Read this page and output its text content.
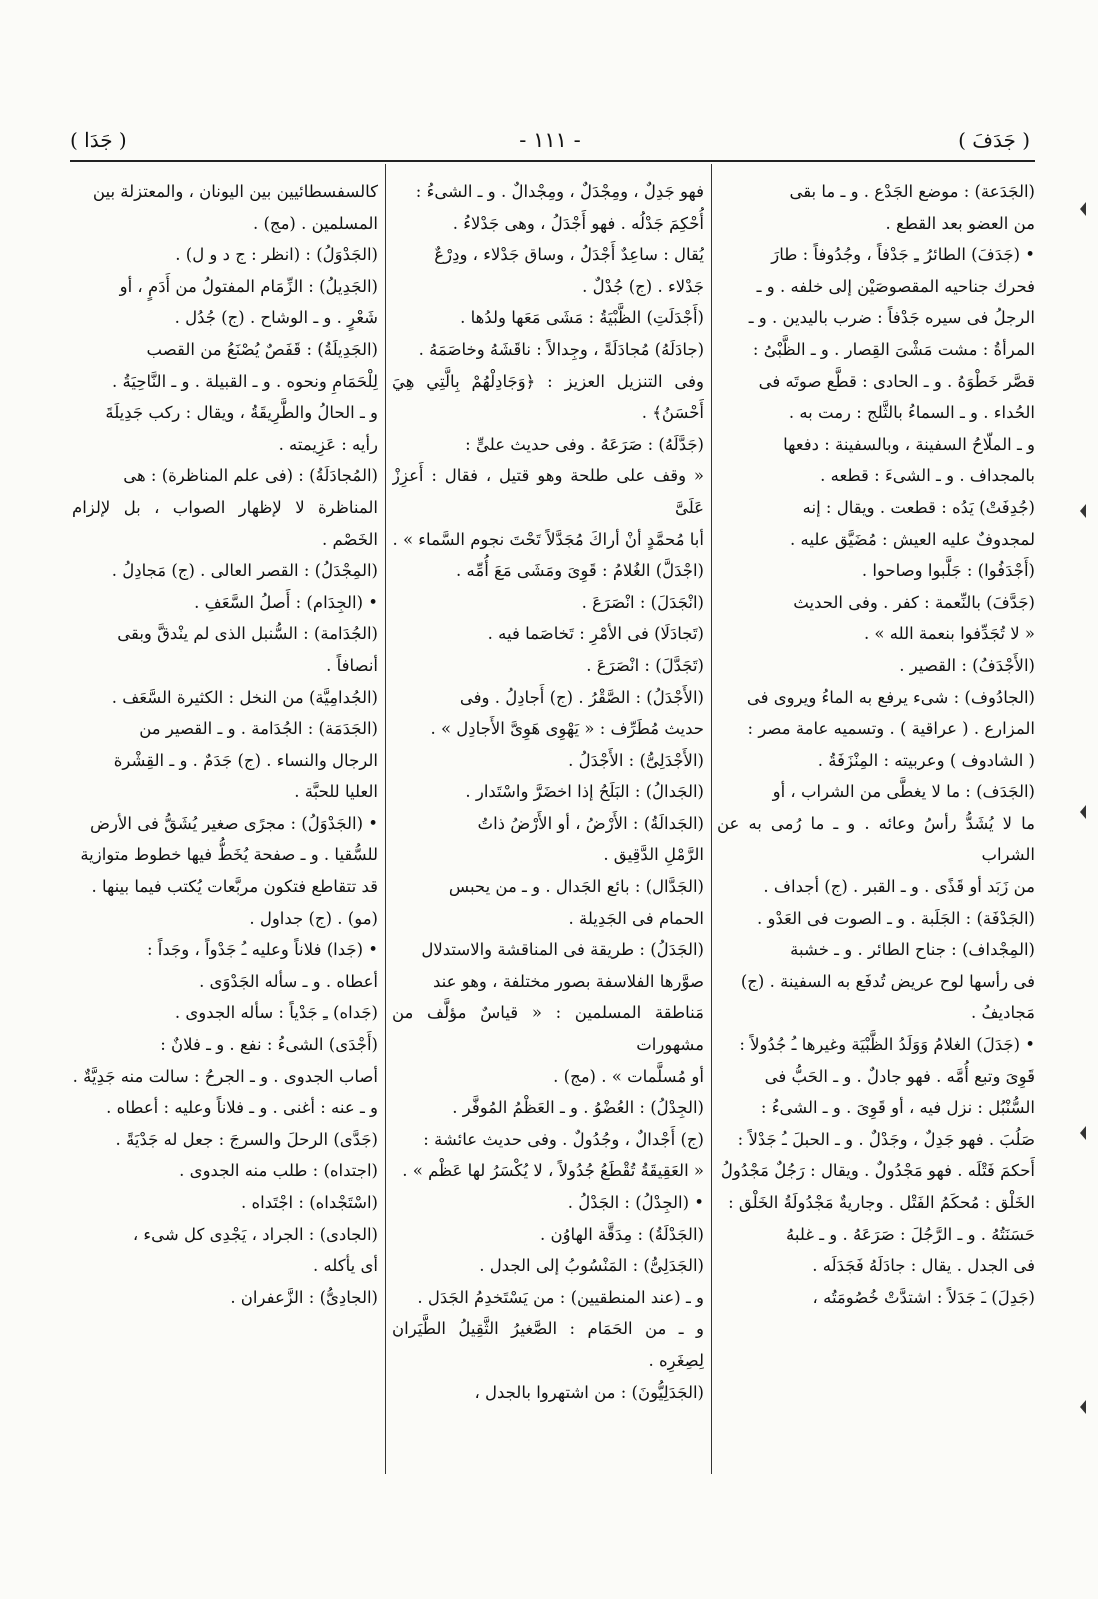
( جَدَفَ )
- ١١١ -
( جَدَا )

(الجَدَعة) : موضع الجَدْع . و ـ ما بقى

من العضو بعد القطع .

• (جَدَفَ) الطائرُ ـِ جَدْفاً ، وجُدُوفاً : طارَ

فحرك جناحيه المقصوصَيْن إلى خلفه . و ـ

الرجلُ فى سيره جَدْفاً : ضرب باليدين . و ـ

المرأةُ : مشت مَشْىَ القِصار . و ـ الظَّبْىُ :

قصَّر خَطْوَهُ . و ـ الحادى : قطَّع صوتَه فى

الحُداء . و ـ السماءُ بالثَّلج : رمت به .

و ـ الملّاحُ السفينة ، وبالسفينة : دفعها

بالمجداف . و ـ الشىءَ : قطعه .

(جُدِفَتْ) يَدُه : قطعت . ويقال : إنه

لمجدوفٌ عليه العيش : مُضَيَّق عليه .

(أَجْدَفُوا) : جَلَّبوا وصاحوا .

(جَدَّفَ) بالنِّعمة : كفر . وفى الحديث

« لا تُجَدِّفوا بنعمة الله » .

(الأَجْدَفُ) : القصير .

(الجادُوف) : شىء يرفع به الماءُ ويروى فى

المزارع . ( عراقية ) . وتسميه عامة مصر :

( الشادوف ) وعربيته : المِنْزَفَةُ .

(الجَدَف) : ما لا يغطَّى من الشراب ، أو

ما لا يُشَدُّ رأسُ وعائه . و ـ ما رُمى به عن الشراب

من زَبَد أو قَذًى . و ـ القبر . (ج) أجداف .

(الجَدْفَة) : الجَلَبة . و ـ الصوت فى العَدْو .

(المِجْداف) : جناح الطائر . و ـ خشبة

فى رأسها لوح عريض تُدفَع به السفينة . (ج)

مَجاديفُ .

• (جَدَلَ) الغلامُ وَوَلَدُ الظَّبْيَة وغيرها ـُ جُدُولاً :

قَوِىَ وتبع أُمَّه . فهو جادلٌ . و ـ الحَبُّ فى

السُّنْبُل : نزل فيه ، أو قَوِىَ . و ـ الشىءُ :

صَلُبَ . فهو جَدِلٌ ، وجَدْلٌ . و ـ الحبلَ ـُ جَدْلاً :

أَحكمَ فَتْلَه . فهو مَجْدُولٌ . ويقال : رَجُلٌ مَجْدُولُ

الخَلْق : مُحكَمُ الفَتْل . وجاريةٌ مَجْدُولَةُ الخَلْق :

حَسَنَتُهُ . و ـ الرَّجُلَ : صَرَعَهُ . و ـ غلبهُ

فى الجدل . يقال : جادَلَهُ فَجَدَلَه .

(جَدِلَ) ـَ جَدَلاً : اشتدَّتْ خُصُومَتُه ،

فهو جَدِلٌ ، ومِجْدَلٌ ، ومِجْدالٌ . و ـ الشىءُ :

أُحْكِمَ جَدْلُه . فهو أَجْدَلُ ، وهى جَدْلاءُ .

يُقال : ساعِدٌ أَجْدَلُ ، وساق جَدْلاء ، ودِرْعٌ

جَدْلاء . (ج) جُدْلٌ .

(أَجْدَلَتِ) الظَّبْيَةُ : مَشَى مَعَها ولدُها .

(جادَلَهُ) مُجادَلَةً ، وجِدالاً : ناقَشَهُ وخاصَمَهُ .

وفى التنزيل العزيز : ﴿وَجَادِلْهُمْ بِالَّتِي هِيَ أَحْسَنُ﴾ .

(جَدَّلَهُ) : صَرَعَهُ . وفى حديث علىٍّ :

« وقف على طلحة وهو قتيل ، فقال : أَعزِزْ عَلَىَّ

أبا مُحمَّدٍ أنْ أراكَ مُجَدَّلاً تَحْتَ نجوم السَّماء » .

(اجْدَلَّ) الغُلامُ : قَوِىَ ومَشَى مَعَ أُمِّه .

(انْجَدَلَ) : انْصَرَعَ .

(تَجادَلَا) فى الأمْرِ : تَخاصَما فيه .

(تَجَدَّلَ) : انْصَرَعَ .

(الأَجْدَلُ) : الصَّقْرُ . (ج) أَجادِلُ . وفى

حديث مُطَرِّف : « يَهْوِى هَوِىَّ الأَجادِل » .

(الأَجْدَلِىُّ) : الأَجْدَلُ .

(الجَدالُ) : البَلَحُ إذا اخضَرَّ واسْتَدار .

(الجَدالَةُ) : الأَرْضُ ، أو الأَرْضُ ذاتُ

الرَّمْلِ الدَّقِيق .

(الجَدَّال) : بائع الجَدال . و ـ من يحبس

الحمام فى الجَدِيلة .

(الجَدَلُ) : طريقة فى المناقشة والاستدلال

صوَّرها الفلاسفة بصور مختلفة ، وهو عند

مَناطقة المسلمين : « قياسٌ مؤلَّف من مشهورات

أو مُسلَّمات » . (مج) .

(الجِدْلُ) : العُضْوُ . و ـ العَظْمُ المُوفَّر .

(ج) أَجْدالٌ ، وجُدُولٌ . وفى حديث عائشة :

« العَقِيقَةُ تُقْطَعُ جُدُولاً ، لا يُكْسَرُ لها عَظْم » .

• (الجِدْلُ) : الجَدْلُ .

(الجَدْلَةُ) : مِدَقَّة الهاوُن .

(الجَدَلِىُّ) : المَنْسُوبُ إلى الجدل .

و ـ (عند المنطقيين) : من يَسْتَخدِمُ الجَدَل .

و ـ من الحَمَام : الصَّغيرُ الثَّقِيلُ الطَّيَران لِصِغَرِه .

(الجَدَلِيُّونَ) : من اشتهروا بالجدل ،

كالسفسطائيين بين اليونان ، والمعتزلة بين

المسلمين . (مج) .

(الجَدْوَلُ) : (انظر : ج د و ل) .

(الجَدِيلُ) : الزِّمَام المفتولُ من أَدَمٍ ، أو

شَعْرٍ . و ـ الوشاح . (ج) جُدُل .

(الجَدِيلَةُ) : قَفَصٌ يُصْنَعُ من القصب

لِلْحَمَامِ ونحوه . و ـ القبيلة . و ـ النَّاحِيَةُ .

و ـ الحالُ والطَّرِيقَةُ ، ويقال : ركب جَدِيلَةَ

رأيه : عَزِيمته .

(المُجادَلَةُ) : (فى علم المناظرة) : هى

المناظرة لا لإظهار الصواب ، بل لإلزام الخَصْم .

(المِجْدَلُ) : القصر العالى . (ج) مَجادِلُ .

• (الجِدَام) : أَصلُ السَّعَفِ .

(الجُدَامة) : السُّنبل الذى لم ينْدقَّ وبقى

أنصافاً .

(الجُدامِيَّة) من النخل : الكثيرة السَّعَف .

(الجَدَمَة) : الجُدَامة . و ـ القصير من

الرجال والنساء . (ج) جَدَمٌ . و ـ القِشْرة

العليا للحبَّة .

• (الجَدْوَلُ) : مجرًى صغير يُشَقُّ فى الأرض

للسُّقيا . و ـ صفحة يُخَطُّ فيها خطوط متوازية

قد تتقاطع فتكون مربَّعات يُكتب فيما بينها .

(مو) . (ج) جداول .

• (جَدا) فلاناً وعليه ـُ جَدْواً ، وجَداً :

أعطاه . و ـ سأله الجَدْوَى .

(جَداه) ـِ جَدْياً : سأله الجدوى .

(أَجْدَى) الشىءُ : نفع . و ـ فلانٌ :

أصاب الجدوى . و ـ الجرحُ : سالت منه جَدِيَّةٌ .

و ـ عنه : أغنى . و ـ فلاناً وعليه : أعطاه .

(جَدَّى) الرحلَ والسرجَ : جعل له جَدْيَةً .

(اجتداه) : طلب منه الجدوى .

(اسْتَجْداه) : اجْتَداه .

(الجادى) : الجراد ، يَجْدِى كل شىء ،

أى يأكله .

(الجادِىُّ) : الزَّعفران .
